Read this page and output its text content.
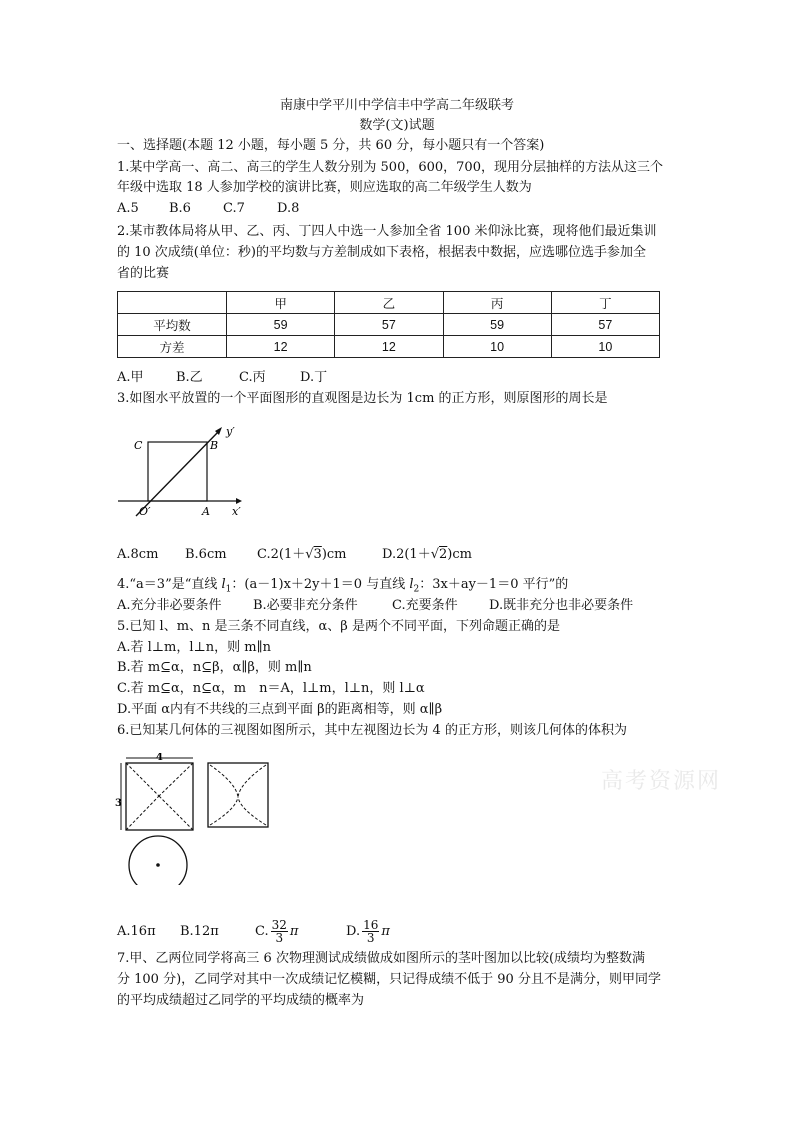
南康中学平川中学信丰中学高二年级联考
数学(文)试题
一、选择题(本题 12 小题，每小题 5 分，共 60 分，每小题只有一个答案)
1.某中学高一、高二、高三的学生人数分别为 500，600，700，现用分层抽样的方法从这三个
年级中选取 18 人参加学校的演讲比赛，则应选取的高二年级学生人数为
A.5 B.6 C.7 D.8
2.某市教体局将从甲、乙、丙、丁四人中选一人参加全省 100 米仰泳比赛，现将他们最近集训
的 10 次成绩(单位：秒)的平均数与方差制成如下表格，根据表中数据，应选哪位选手参加全
省的比赛
	甲	乙	丙	丁
平均数	59	57	59	57
方差	12	12	10	10
A.甲 B.乙	C.丙	D.丁
3.如图水平放置的一个平面图形的直观图是边长为 1cm 的正方形，则原图形的周长是
C	B
O′	A x′
y′
A.8cm B.6cm C.2(1＋√3)cm	D.2(1＋√2)cm
4.“a＝3”是“直线 $l_1$：(a－1)x＋2y＋1＝0 与直线 $l_2$：3x＋ay－1＝0 平行”的
A.充分非必要条件 B.必要非充分条件	C.充要条件 D.既非充分也非必要条件
5.已知 l、m、n 是三条不同直线，α、β 是两个不同平面，下列命题正确的是
A.若 l⊥m，l⊥n，则 m∥n
B.若 m⊆α，n⊆β，α∥β，则 m∥n
C.若 m⊆α，n⊆α，m　n＝A，l⊥m，l⊥n，则 l⊥α
D.平面 α内有不共线的三点到平面 β的距离相等，则 α∥β
6.已知某几何体的三视图如图所示，其中左视图边长为 4 的正方形，则该几何体的体积为
4
3
高考资源网
A.16π B.12π	C. $\frac{32}{3}$ π	D. $\frac{16}{3}$ π
7.甲、乙两位同学将高三 6 次物理测试成绩做成如图所示的茎叶图加以比较(成绩均为整数满
分 100 分)，乙同学对其中一次成绩记忆模糊，只记得成绩不低于 90 分且不是满分，则甲同学
的平均成绩超过乙同学的平均成绩的概率为
